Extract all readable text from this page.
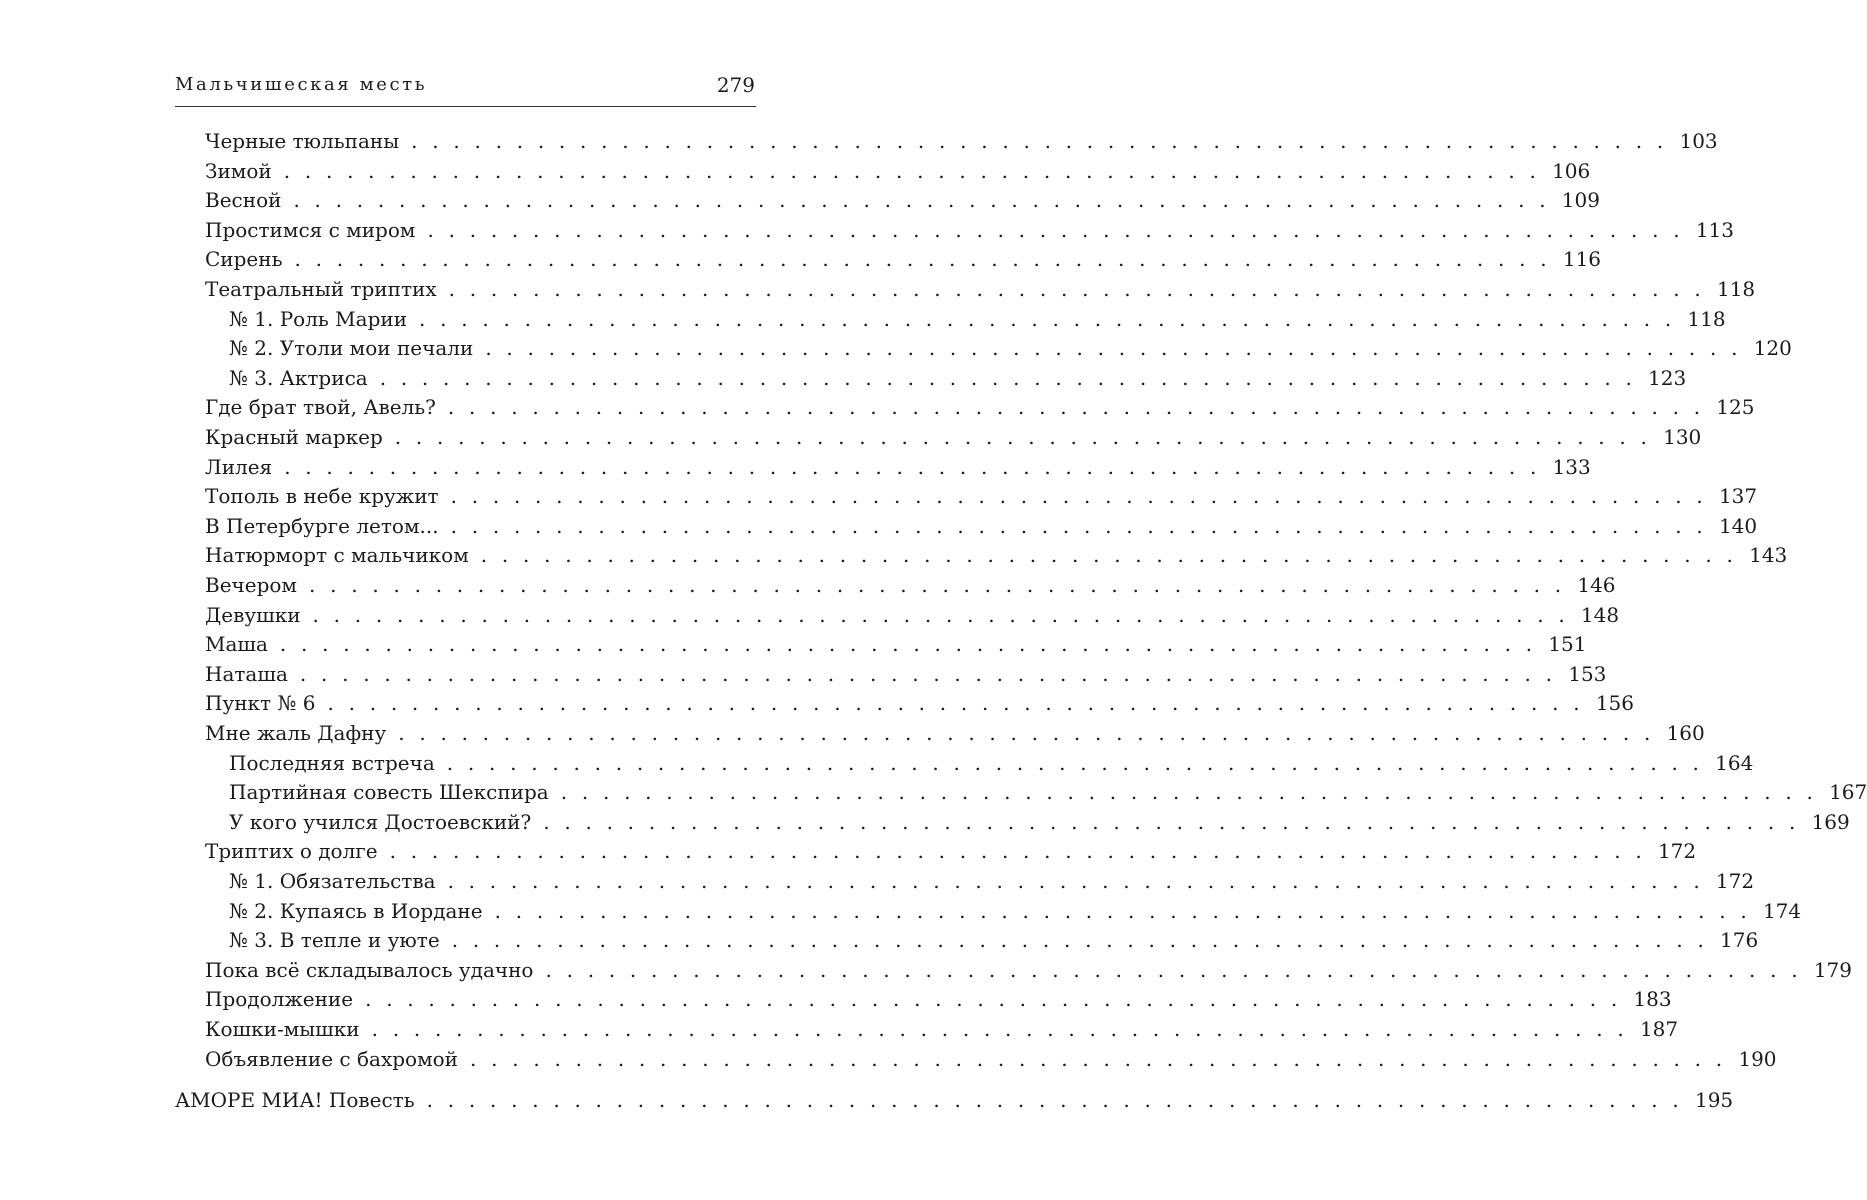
Мальчишеская месть	279
Черные тюльпаны . . . . . . . . . . . . . . . . . . . . . . . . . . . . . . . . . . . . . . . . . . . . . . . . . . . . . . . . . . . . 103
Зимой . . . . . . . . . . . . . . . . . . . . . . . . . . . . . . . . . . . . . . . . . . . . . . . . . . . . . . . . . . . . 106
Весной . . . . . . . . . . . . . . . . . . . . . . . . . . . . . . . . . . . . . . . . . . . . . . . . . . . . . . . . . . . . 109
Простимся с миром . . . . . . . . . . . . . . . . . . . . . . . . . . . . . . . . . . . . . . . . . . . . . . . . . . . . . . . . . . . . 113
Сирень . . . . . . . . . . . . . . . . . . . . . . . . . . . . . . . . . . . . . . . . . . . . . . . . . . . . . . . . . . . . 116
Театральный триптих . . . . . . . . . . . . . . . . . . . . . . . . . . . . . . . . . . . . . . . . . . . . . . . . . . . . . . . . . . . . 118
№ 1. Роль Марии . . . . . . . . . . . . . . . . . . . . . . . . . . . . . . . . . . . . . . . . . . . . . . . . . . . . . . . . . . . . 118
№ 2. Утоли мои печали . . . . . . . . . . . . . . . . . . . . . . . . . . . . . . . . . . . . . . . . . . . . . . . . . . . . . . . . . . . . 120
№ 3. Актриса . . . . . . . . . . . . . . . . . . . . . . . . . . . . . . . . . . . . . . . . . . . . . . . . . . . . . . . . . . . . 123
Где брат твой, Авель? . . . . . . . . . . . . . . . . . . . . . . . . . . . . . . . . . . . . . . . . . . . . . . . . . . . . . . . . . . . . 125
Красный маркер . . . . . . . . . . . . . . . . . . . . . . . . . . . . . . . . . . . . . . . . . . . . . . . . . . . . . . . . . . . . 130
Лилея . . . . . . . . . . . . . . . . . . . . . . . . . . . . . . . . . . . . . . . . . . . . . . . . . . . . . . . . . . . . 133
Тополь в небе кружит . . . . . . . . . . . . . . . . . . . . . . . . . . . . . . . . . . . . . . . . . . . . . . . . . . . . . . . . . . . . 137
В Петербурге летом... . . . . . . . . . . . . . . . . . . . . . . . . . . . . . . . . . . . . . . . . . . . . . . . . . . . . . . . . . . . . 140
Натюрморт с мальчиком . . . . . . . . . . . . . . . . . . . . . . . . . . . . . . . . . . . . . . . . . . . . . . . . . . . . . . . . . . . . 143
Вечером . . . . . . . . . . . . . . . . . . . . . . . . . . . . . . . . . . . . . . . . . . . . . . . . . . . . . . . . . . . . 146
Девушки . . . . . . . . . . . . . . . . . . . . . . . . . . . . . . . . . . . . . . . . . . . . . . . . . . . . . . . . . . . . 148
Маша . . . . . . . . . . . . . . . . . . . . . . . . . . . . . . . . . . . . . . . . . . . . . . . . . . . . . . . . . . . . 151
Наташа . . . . . . . . . . . . . . . . . . . . . . . . . . . . . . . . . . . . . . . . . . . . . . . . . . . . . . . . . . . . 153
Пункт № 6 . . . . . . . . . . . . . . . . . . . . . . . . . . . . . . . . . . . . . . . . . . . . . . . . . . . . . . . . . . . . 156
Мне жаль Дафну . . . . . . . . . . . . . . . . . . . . . . . . . . . . . . . . . . . . . . . . . . . . . . . . . . . . . . . . . . . . 160
Последняя встреча . . . . . . . . . . . . . . . . . . . . . . . . . . . . . . . . . . . . . . . . . . . . . . . . . . . . . . . . . . . . 164
Партийная совесть Шекспира . . . . . . . . . . . . . . . . . . . . . . . . . . . . . . . . . . . . . . . . . . . . . . . . . . . . . . . . . . . . 167
У кого учился Достоевский? . . . . . . . . . . . . . . . . . . . . . . . . . . . . . . . . . . . . . . . . . . . . . . . . . . . . . . . . . . . . 169
Триптих о долге . . . . . . . . . . . . . . . . . . . . . . . . . . . . . . . . . . . . . . . . . . . . . . . . . . . . . . . . . . . . 172
№ 1. Обязательства . . . . . . . . . . . . . . . . . . . . . . . . . . . . . . . . . . . . . . . . . . . . . . . . . . . . . . . . . . . . 172
№ 2. Купаясь в Иордане . . . . . . . . . . . . . . . . . . . . . . . . . . . . . . . . . . . . . . . . . . . . . . . . . . . . . . . . . . . . 174
№ 3. В тепле и уюте . . . . . . . . . . . . . . . . . . . . . . . . . . . . . . . . . . . . . . . . . . . . . . . . . . . . . . . . . . . . 176
Пока всё складывалось удачно . . . . . . . . . . . . . . . . . . . . . . . . . . . . . . . . . . . . . . . . . . . . . . . . . . . . . . . . . . . . 179
Продолжение . . . . . . . . . . . . . . . . . . . . . . . . . . . . . . . . . . . . . . . . . . . . . . . . . . . . . . . . . . . . 183
Кошки-мышки . . . . . . . . . . . . . . . . . . . . . . . . . . . . . . . . . . . . . . . . . . . . . . . . . . . . . . . . . . . . 187
Объявление с бахромой . . . . . . . . . . . . . . . . . . . . . . . . . . . . . . . . . . . . . . . . . . . . . . . . . . . . . . . . . . . . 190
АМОРЕ МИА! Повесть . . . . . . . . . . . . . . . . . . . . . . . . . . . . . . . . . . . . . . . . . . . . . . . . . . . . . . . . . . . . 195
